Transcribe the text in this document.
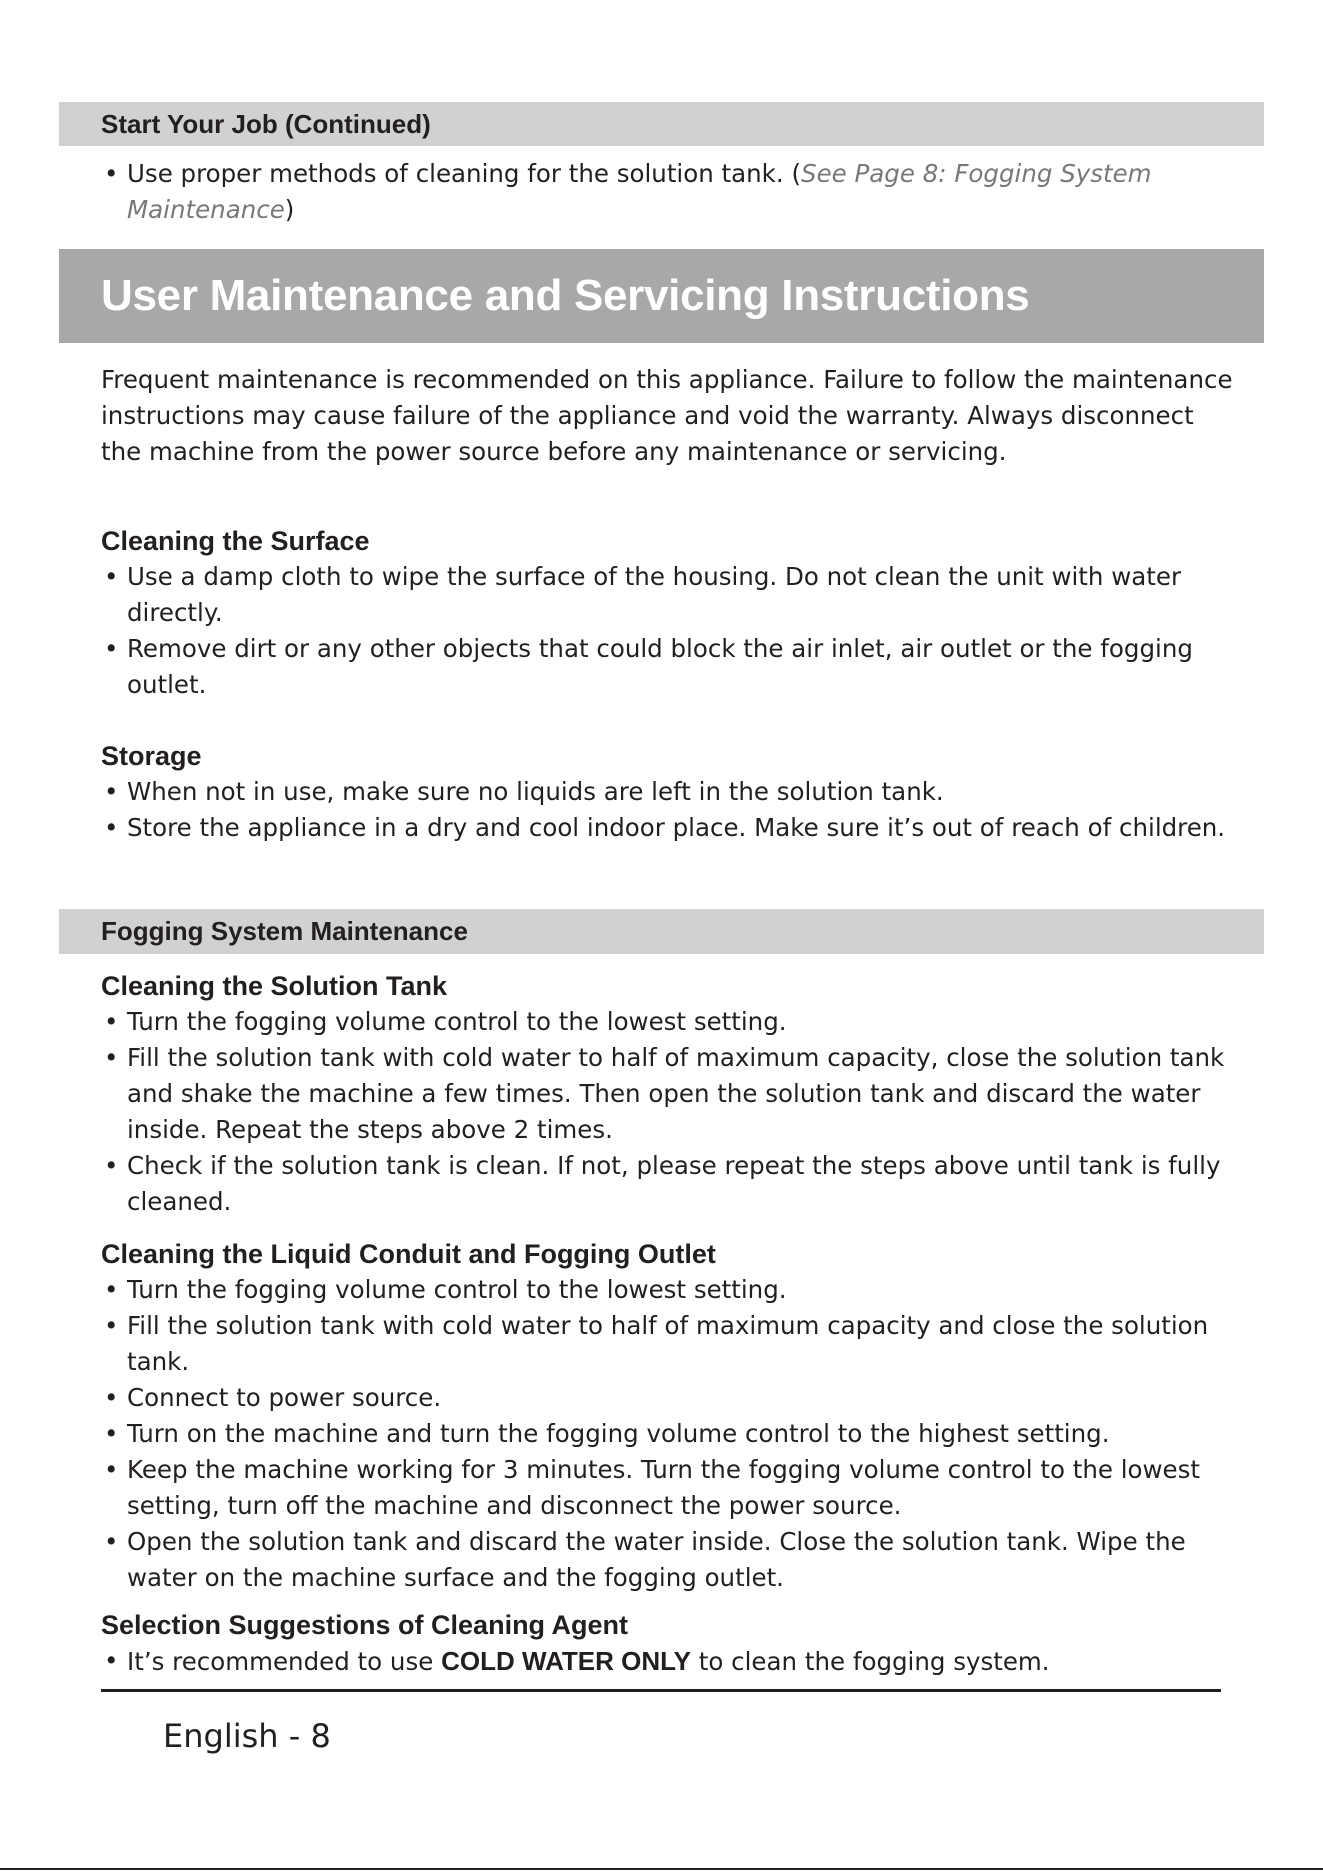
Start Your Job (Continued)
• Use proper methods of cleaning for the solution tank. (See Page 8: Fogging System Maintenance)
User Maintenance and Servicing Instructions

Frequent maintenance is recommended on this appliance. Failure to follow the maintenance instructions may cause failure of the appliance and void the warranty. Always disconnect the machine from the power source before any maintenance or servicing.

Cleaning the Surface

• Use a damp cloth to wipe the surface of the housing. Do not clean the unit with water directly.
• Remove dirt or any other objects that could block the air inlet, air outlet or the fogging outlet.

Storage

• When not in use, make sure no liquids are left in the solution tank.
• Store the appliance in a dry and cool indoor place. Make sure it’s out of reach of children.
Fogging System Maintenance

Cleaning the Solution Tank

• Turn the fogging volume control to the lowest setting.
• Fill the solution tank with cold water to half of maximum capacity, close the solution tank and shake the machine a few times. Then open the solution tank and discard the water inside. Repeat the steps above 2 times.
• Check if the solution tank is clean. If not, please repeat the steps above until tank is fully cleaned.

Cleaning the Liquid Conduit and Fogging Outlet

• Turn the fogging volume control to the lowest setting.
• Fill the solution tank with cold water to half of maximum capacity and close the solution tank.
• Connect to power source.
• Turn on the machine and turn the fogging volume control to the highest setting.
• Keep the machine working for 3 minutes. Turn the fogging volume control to the lowest setting, turn off the machine and disconnect the power source.
• Open the solution tank and discard the water inside. Close the solution tank. Wipe the water on the machine surface and the fogging outlet.

Selection Suggestions of Cleaning Agent

• It’s recommended to use COLD WATER ONLY to clean the fogging system.
English - 8
